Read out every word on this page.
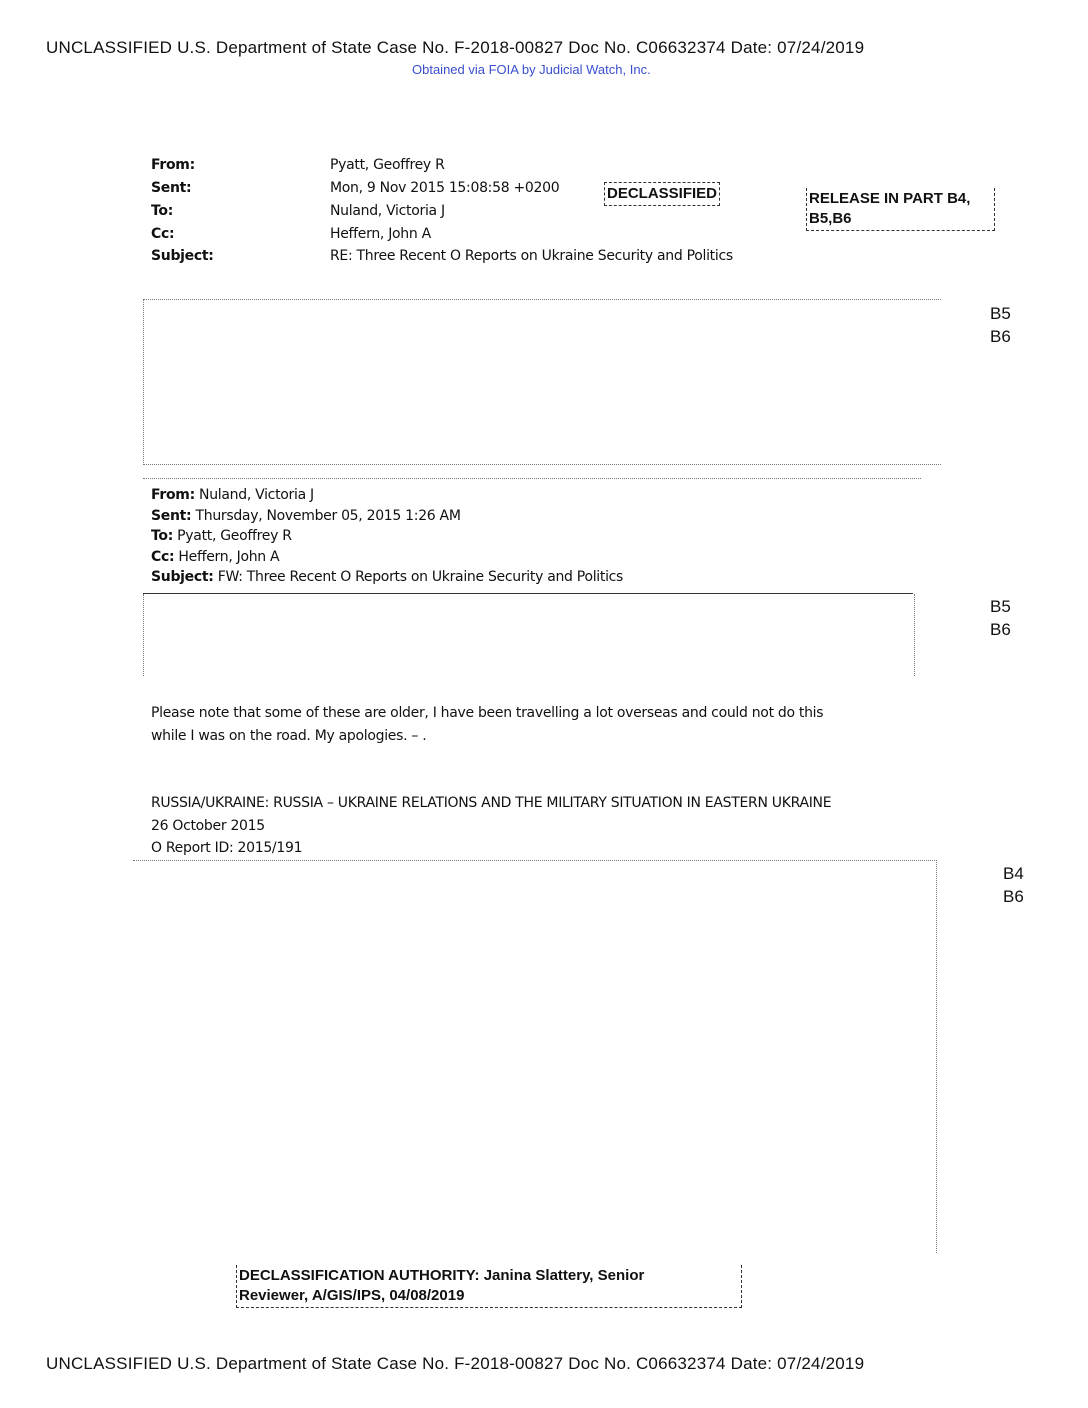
UNCLASSIFIED U.S. Department of State Case No. F-2018-00827 Doc No. C06632374 Date: 07/24/2019
Obtained via FOIA by Judicial Watch, Inc.
From:	Pyatt, Geoffrey R
Sent:	Mon, 9 Nov 2015 15:08:58 +0200
To:	Nuland, Victoria J
Cc:	Heffern, John A
Subject:	RE: Three Recent O Reports on Ukraine Security and Politics
DECLASSIFIED	RELEASE IN PART B4,
B5,B6
B5
B6
From: Nuland, Victoria J
Sent: Thursday, November 05, 2015 1:26 AM
To: Pyatt, Geoffrey R
Cc: Heffern, John A
Subject: FW: Three Recent O Reports on Ukraine Security and Politics
B5
B6
Please note that some of these are older, I have been travelling a lot overseas and could not do this
while I was on the road. My apologies. – .
RUSSIA/UKRAINE: RUSSIA – UKRAINE RELATIONS AND THE MILITARY SITUATION IN EASTERN UKRAINE
26 October 2015
O Report ID: 2015/191
B4
B6
DECLASSIFICATION AUTHORITY: Janina Slattery, Senior
Reviewer, A/GIS/IPS, 04/08/2019
UNCLASSIFIED U.S. Department of State Case No. F-2018-00827 Doc No. C06632374 Date: 07/24/2019
